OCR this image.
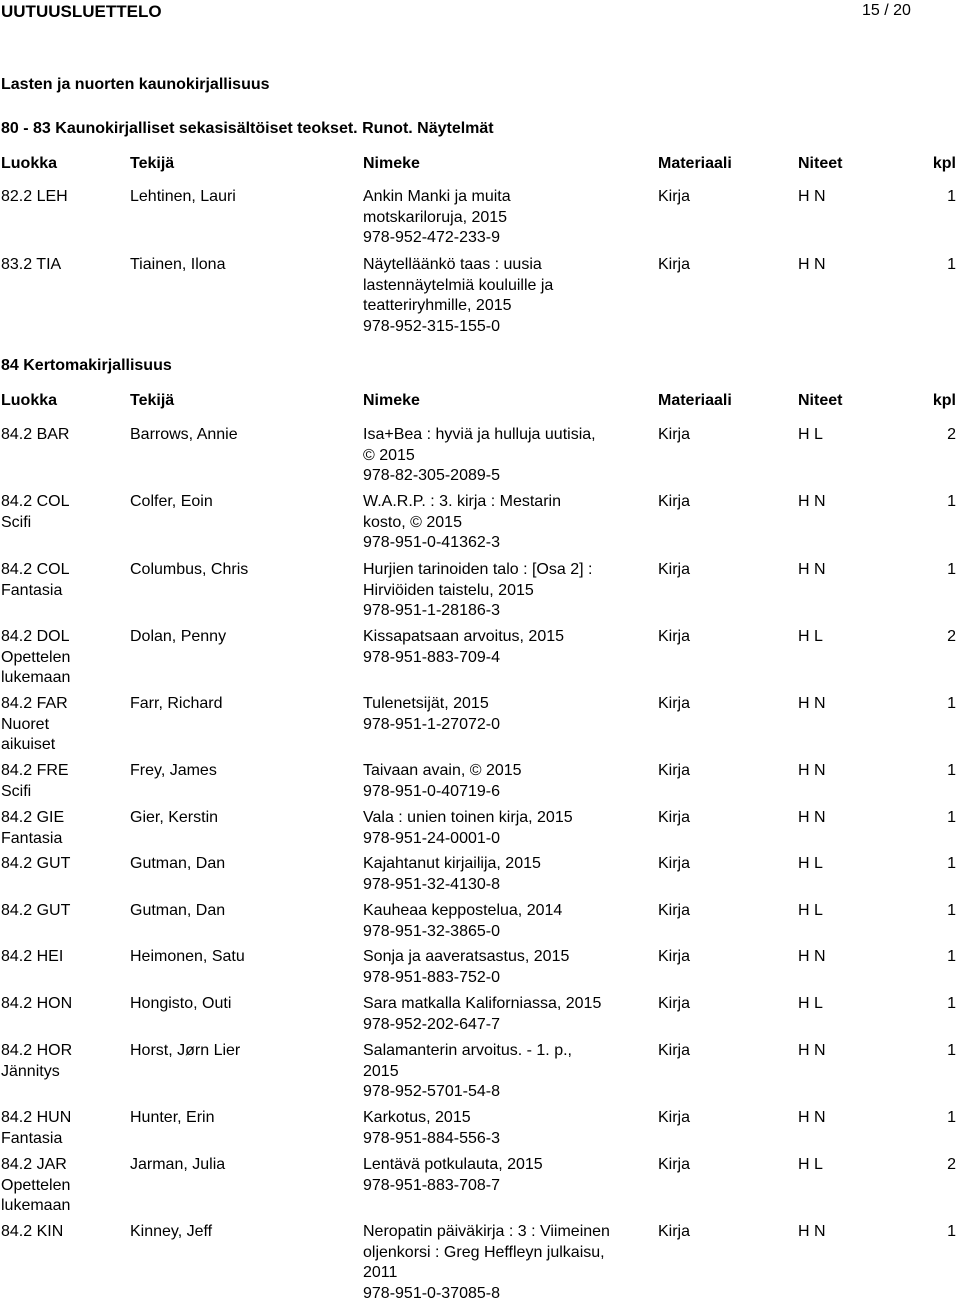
UUTUUSLUETTELO	15 / 20
Lasten ja nuorten kaunokirjallisuus
80 - 83 Kaunokirjalliset sekasisältöiset teokset. Runot. Näytelmät
Luokka	Tekijä	Nimeke	Materiaali	Niteet	kpl
82.2 LEH	Lehtinen, Lauri	Ankin Manki ja muita
motskariloruja, 2015
978-952-472-233-9
Kirja	H N	1
83.2 TIA	Tiainen, Ilona	Näytelläänkö taas : uusia
lastennäytelmiä kouluille ja
teatteriryhmille, 2015
978-952-315-155-0
Kirja	H N	1
84 Kertomakirjallisuus
Luokka	Tekijä	Nimeke	Materiaali	Niteet	kpl
84.2 BAR	Barrows, Annie	Isa+Bea : hyviä ja hulluja uutisia,
© 2015
978-82-305-2089-5
Kirja	H L	2
84.2 COL
Scifi
Colfer, Eoin	W.A.R.P. : 3. kirja : Mestarin
kosto, © 2015
978-951-0-41362-3
Kirja	H N	1
84.2 COL
Fantasia
Columbus, Chris	Hurjien tarinoiden talo : [Osa 2] :
Hirviöiden taistelu, 2015
978-951-1-28186-3
Kirja	H N	1
84.2 DOL
Opettelen
lukemaan
Dolan, Penny	Kissapatsaan arvoitus, 2015
978-951-883-709-4
Kirja	H L	2
84.2 FAR
Nuoret
aikuiset
Farr, Richard	Tulenetsijät, 2015
978-951-1-27072-0
Kirja	H N	1
84.2 FRE
Scifi
Frey, James	Taivaan avain, © 2015
978-951-0-40719-6
Kirja	H N	1
84.2 GIE
Fantasia
Gier, Kerstin	Vala : unien toinen kirja, 2015
978-951-24-0001-0
Kirja	H N	1
84.2 GUT	Gutman, Dan	Kajahtanut kirjailija, 2015
978-951-32-4130-8
Kirja	H L	1
84.2 GUT	Gutman, Dan	Kauheaa keppostelua, 2014
978-951-32-3865-0
Kirja	H L	1
84.2 HEI	Heimonen, Satu	Sonja ja aaveratsastus, 2015
978-951-883-752-0
Kirja	H N	1
84.2 HON	Hongisto, Outi	Sara matkalla Kaliforniassa, 2015
978-952-202-647-7
Kirja	H L	1
84.2 HOR
Jännitys
Horst, Jørn Lier	Salamanterin arvoitus. - 1. p.,
2015
978-952-5701-54-8
Kirja	H N	1
84.2 HUN
Fantasia
Hunter, Erin	Karkotus, 2015
978-951-884-556-3
Kirja	H N	1
84.2 JAR
Opettelen
lukemaan
Jarman, Julia	Lentävä potkulauta, 2015
978-951-883-708-7
Kirja	H L	2
84.2 KIN	Kinney, Jeff	Neropatin päiväkirja : 3 : Viimeinen
oljenkorsi : Greg Heffleyn julkaisu,
2011
978-951-0-37085-8
Kirja	H N	1
